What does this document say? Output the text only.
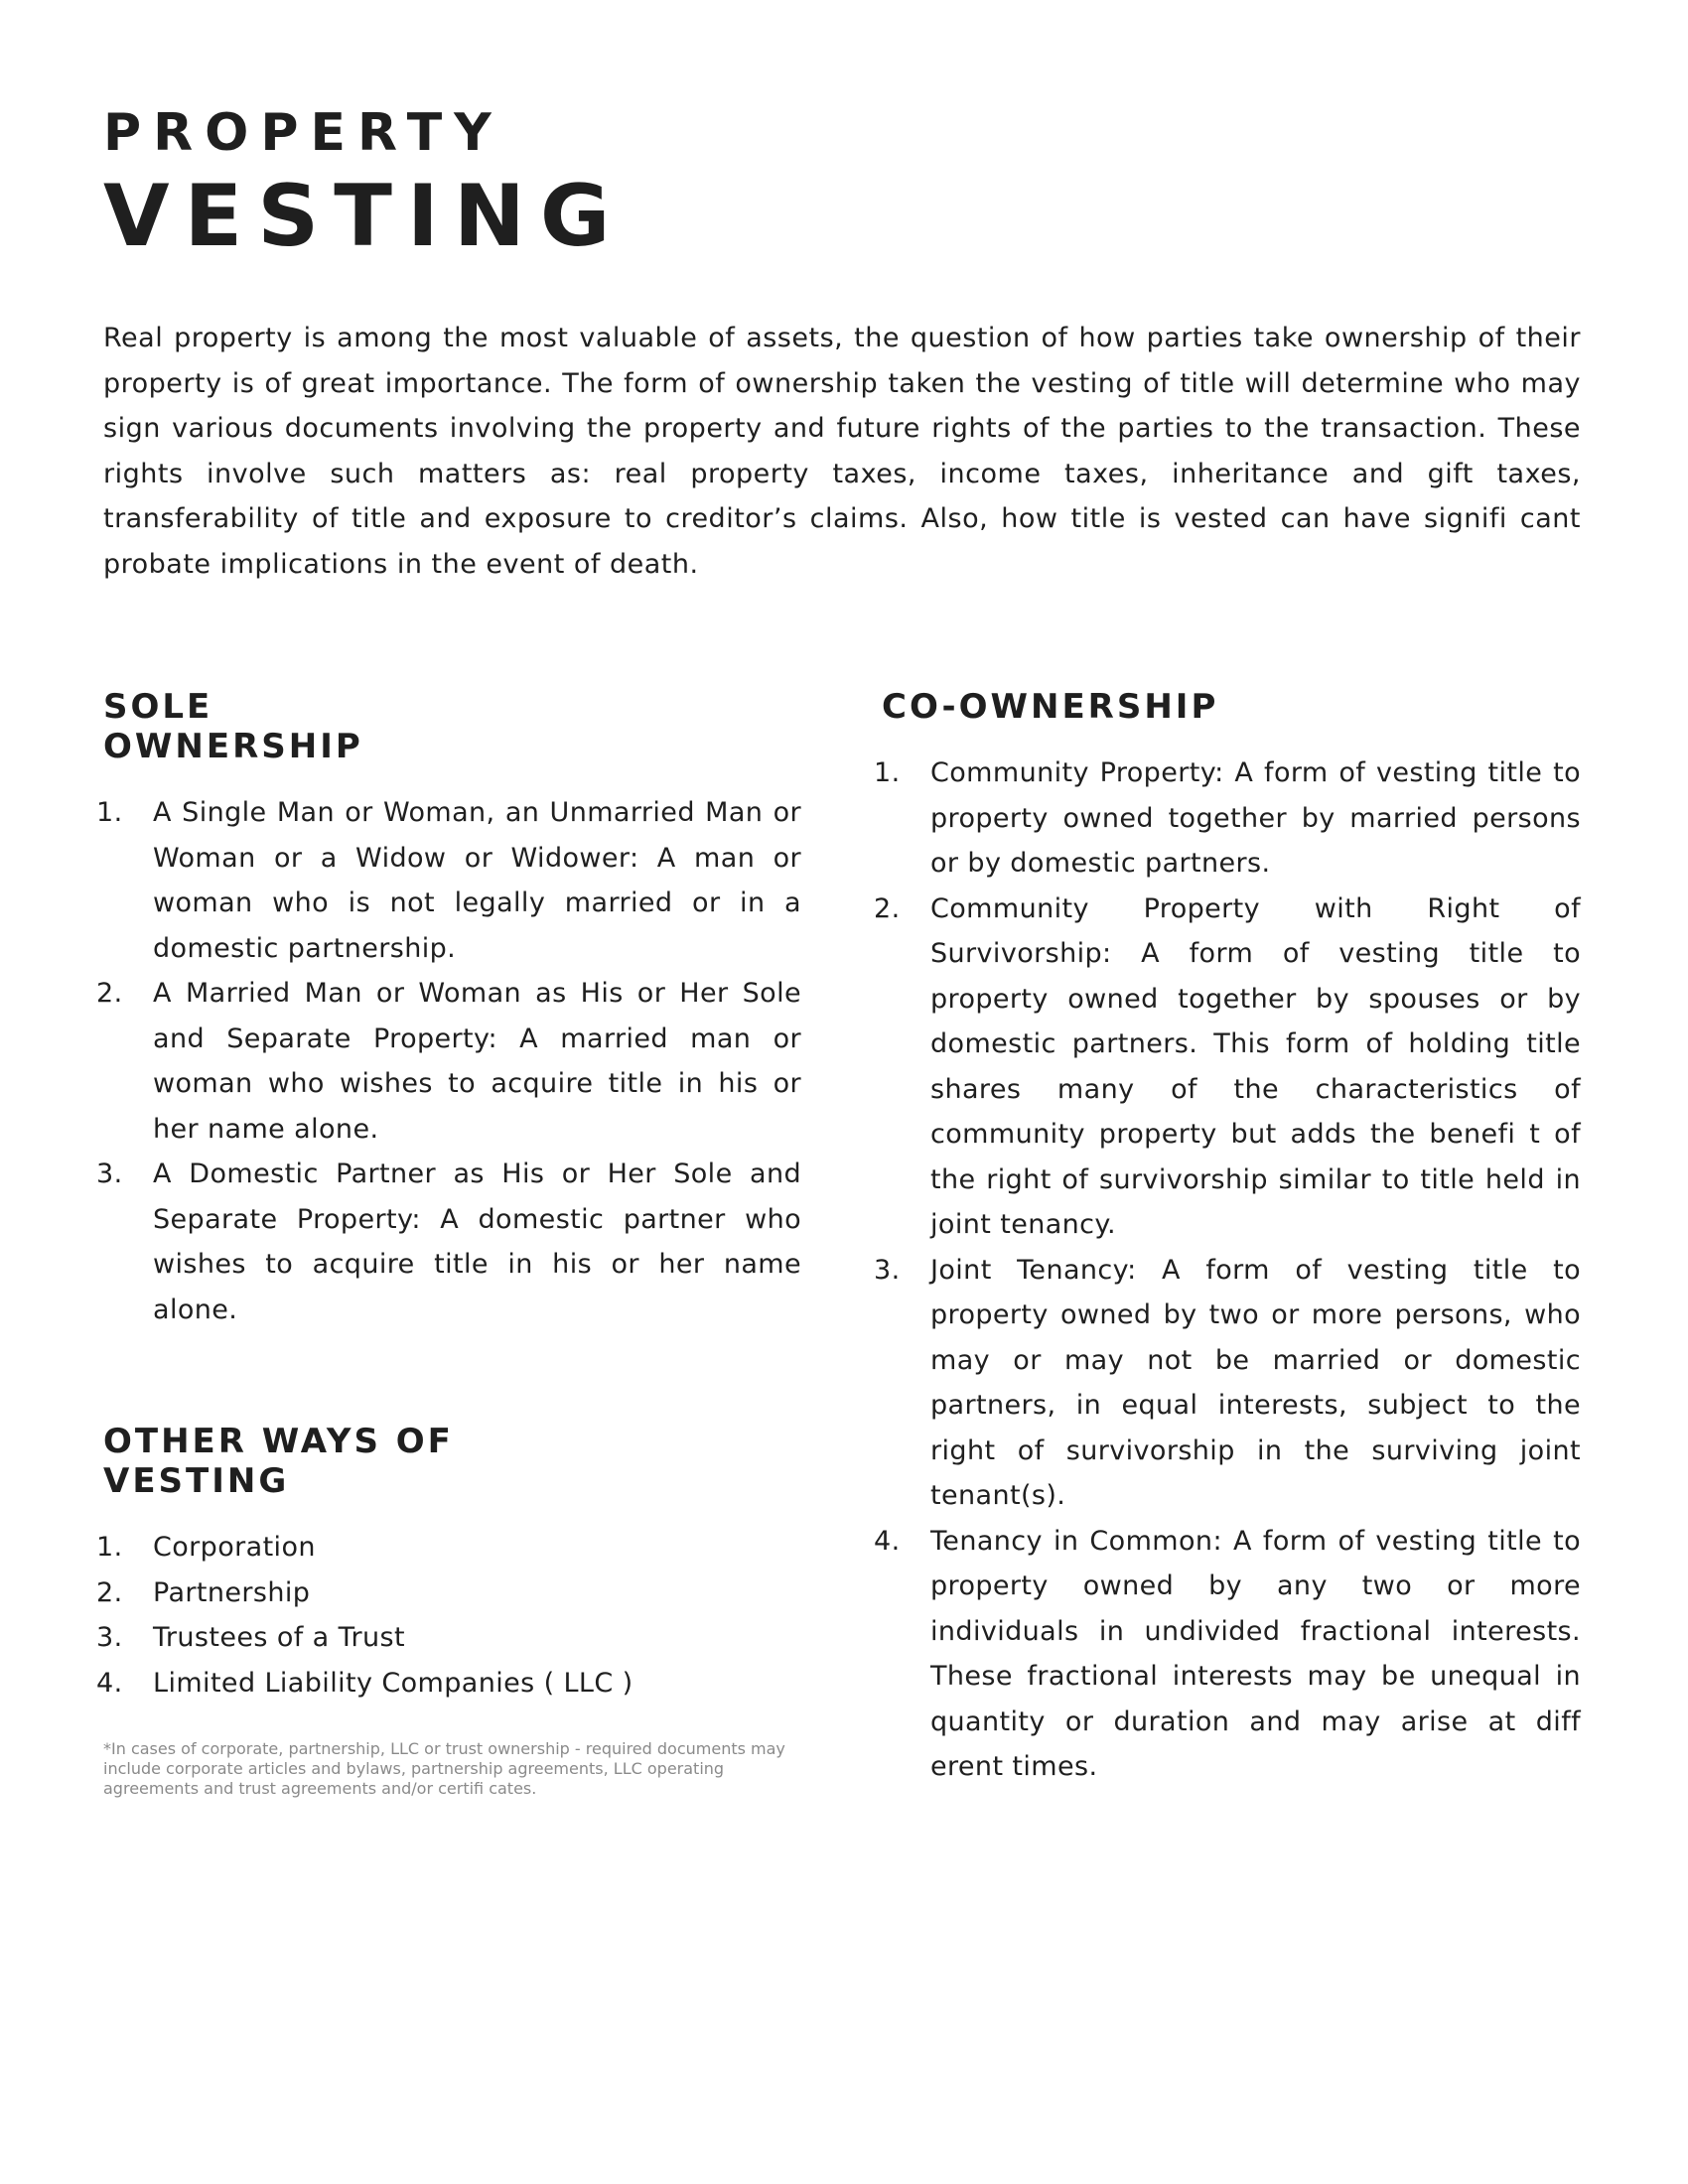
PROPERTY
VESTING

Real property is among the most valuable of assets, the question of how parties take ownership of their property is of great importance. The form of ownership taken the vesting of title will determine who may sign various documents involving the property and future rights of the parties to the transaction. These rights involve such matters as: real property taxes, income taxes, inheritance and gift taxes, transferability of title and exposure to creditor’s claims. Also, how title is vested can have signifi cant probate implications in the event of death.

SOLE
OWNERSHIP
1. A Single Man or Woman, an Unmarried Man or Woman or a Widow or Widower: A man or woman who is not legally married or in a domestic partnership.
2. A Married Man or Woman as His or Her Sole and Separate Property: A married man or woman who wishes to acquire title in his or her name alone.
3. A Domestic Partner as His or Her Sole and Separate Property: A domestic partner who wishes to acquire title in his or her name alone.
OTHER WAYS OF
VESTING
1. Corporation
2. Partnership
3. Trustees of a Trust
4. Limited Liability Companies ( LLC )

*In cases of corporate, partnership, LLC or trust ownership - required documents may include corporate articles and bylaws, partnership agreements, LLC operating agreements and trust agreements and/or certifi cates.

CO-OWNERSHIP
1. Community Property: A form of vesting title to property owned together by married persons or by domestic partners.
2. Community Property with Right of Survivorship: A form of vesting title to property owned together by spouses or by domestic partners. This form of holding title shares many of the characteristics of community property but adds the benefi t of the right of survivorship similar to title held in joint tenancy.
3. Joint Tenancy: A form of vesting title to property owned by two or more persons, who may or may not be married or domestic partners, in equal interests, subject to the right of survivorship in the surviving joint tenant(s).
4. Tenancy in Common: A form of vesting title to property owned by any two or more individuals in undivided fractional interests. These fractional interests may be unequal in quantity or duration and may arise at diff erent times.
